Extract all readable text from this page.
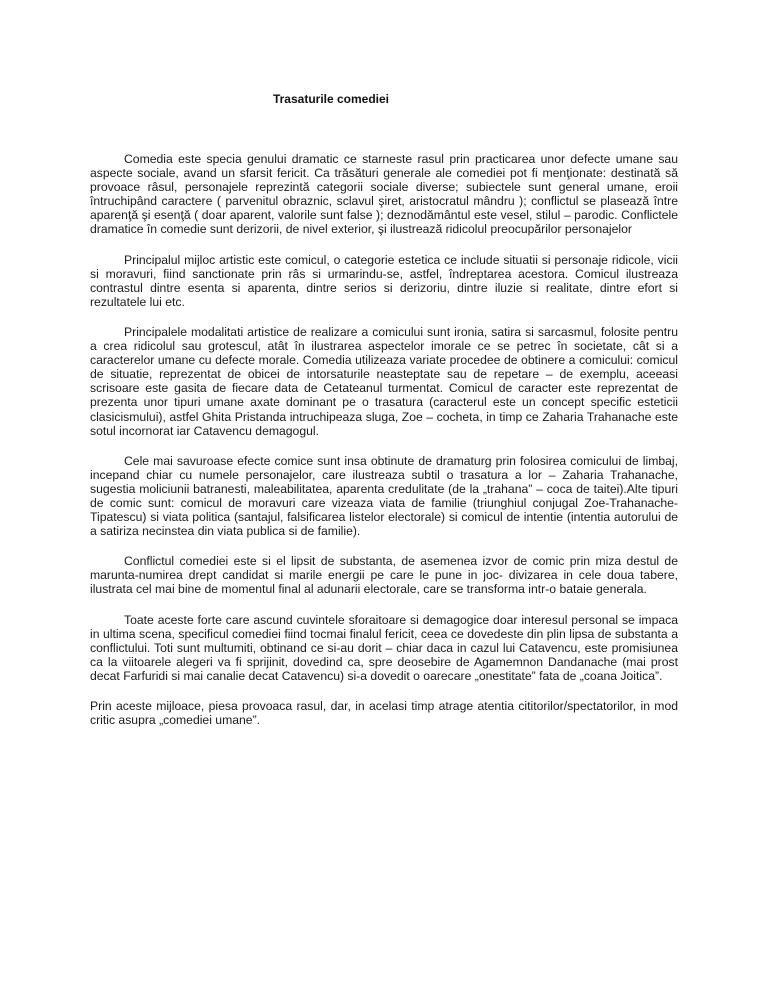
Trasaturile comediei

Comedia este specia genului dramatic ce starneste rasul prin practicarea unor defecte umane sau aspecte sociale, avand un sfarsit fericit. Ca trăsături generale ale comediei pot fi menţionate: destinată să provoace râsul, personajele reprezintă categorii sociale diverse; subiectele sunt general umane, eroii întruchipând caractere ( parvenitul obraznic, sclavul şiret, aristocratul mândru ); conflictul se plasează între aparenţă şi esenţă ( doar aparent, valorile sunt false ); deznodământul este vesel, stilul – parodic. Conflictele dramatice în comedie sunt derizorii, de nivel exterior, şi ilustrează ridicolul preocupărilor personajelor

Principalul mijloc artistic este comicul, o categorie estetica ce include situatii si personaje ridicole, vicii si moravuri, fiind sanctionate prin râs si urmarindu-se, astfel, îndreptarea acestora. Comicul ilustreaza contrastul dintre esenta si aparenta, dintre serios si derizoriu, dintre iluzie si realitate, dintre efort si rezultatele lui etc.

Principalele modalitati artistice de realizare a comicului sunt ironia, satira si sarcasmul, folosite pentru a crea ridicolul sau grotescul, atât în ilustrarea aspectelor imorale ce se petrec în societate, cât si a caracterelor umane cu defecte morale. Comedia utilizeaza variate procedee de obtinere a comicului: comicul de situatie, reprezentat de obicei de intorsaturile neasteptate sau de repetare – de exemplu, aceeasi scrisoare este gasita de fiecare data de Cetateanul turmentat. Comicul de caracter este reprezentat de prezenta unor tipuri umane axate dominant pe o trasatura (caracterul este un concept specific esteticii clasicismului), astfel Ghita Pristanda intruchipeaza sluga, Zoe – cocheta, in timp ce Zaharia Trahanache este sotul incornorat iar Catavencu demagogul.

Cele mai savuroase efecte comice sunt insa obtinute de dramaturg prin folosirea comicului de limbaj, incepand chiar cu numele personajelor, care ilustreaza subtil o trasatura a lor – Zaharia Trahanache, sugestia moliciunii batranesti, maleabilitatea, aparenta credulitate (de la „trahana” – coca de taitei).Alte tipuri de comic sunt: comicul de moravuri care vizeaza viata de familie (triunghiul conjugal Zoe-Trahanache-Tipatescu) si viata politica (santajul, falsificarea listelor electorale) si comicul de intentie (intentia autorului de a satiriza necinstea din viata publica si de familie).

Conflictul comediei este si el lipsit de substanta, de asemenea izvor de comic prin miza destul de marunta-numirea drept candidat si marile energii pe care le pune in joc- divizarea in cele doua tabere, ilustrata cel mai bine de momentul final al adunarii electorale, care se transforma intr-o bataie generala.

Toate aceste forte care ascund cuvintele sforaitoare si demagogice doar interesul personal se impaca in ultima scena, specificul comediei fiind tocmai finalul fericit, ceea ce dovedeste din plin lipsa de substanta a conflictului. Toti sunt multumiti, obtinand ce si-au dorit – chiar daca in cazul lui Catavencu, este promisiunea ca la viitoarele alegeri va fi sprijinit, dovedind ca, spre deosebire de Agamemnon Dandanache (mai prost decat Farfuridi si mai canalie decat Catavencu) si-a dovedit o oarecare „onestitate” fata de „coana Joitica”.

Prin aceste mijloace, piesa provoaca rasul, dar, in acelasi timp atrage atentia cititorilor/spectatorilor, in mod critic asupra „comediei umane”.
